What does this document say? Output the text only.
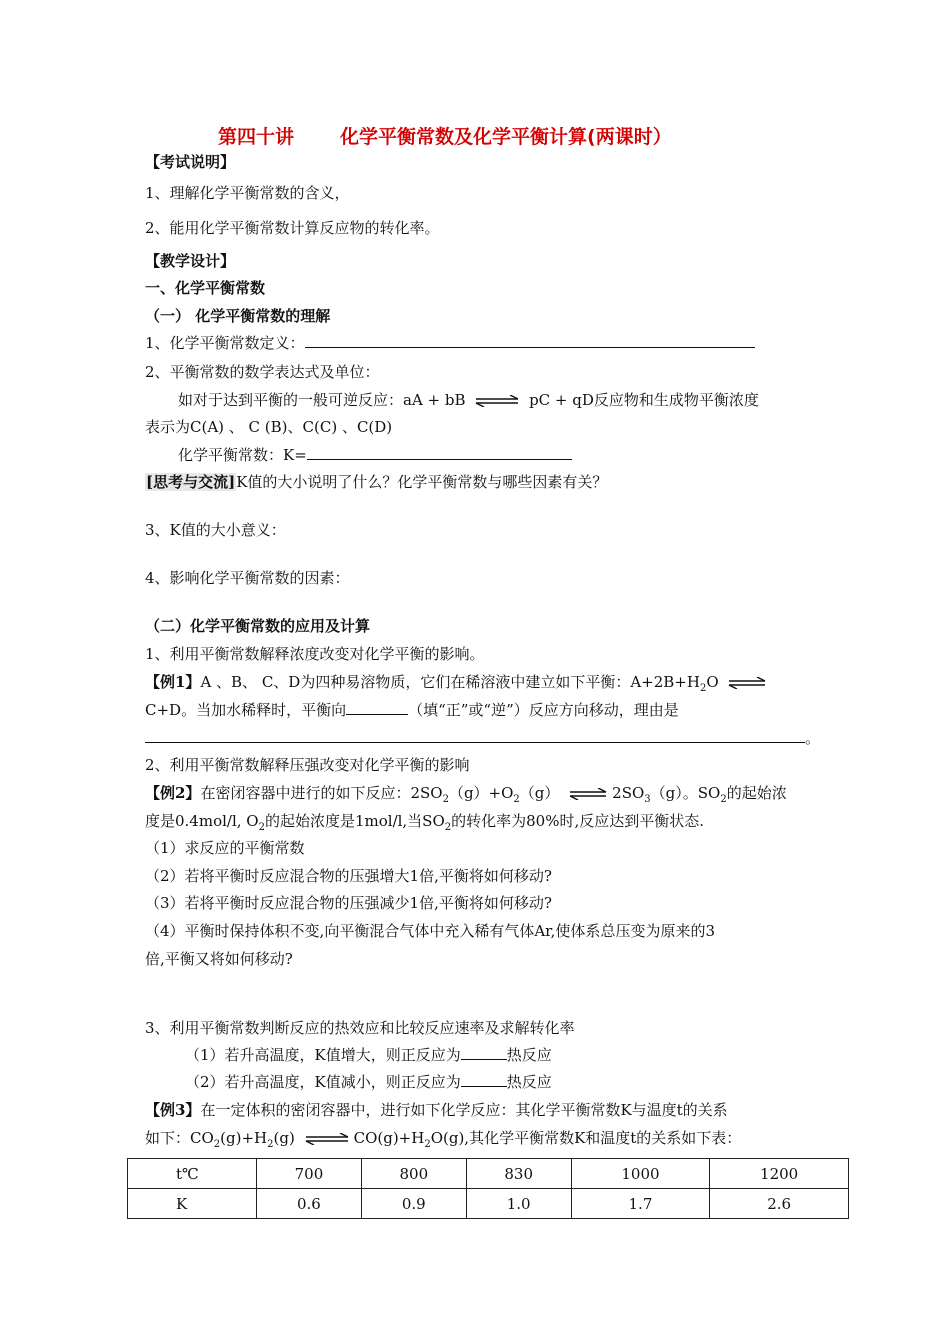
第四十讲 化学平衡常数及化学平衡计算(两课时）
【考试说明】
1、理解化学平衡常数的含义，
2、能用化学平衡常数计算反应物的转化率。
【教学设计】
一、化学平衡常数
（一） 化学平衡常数的理解
1、化学平衡常数定义：
2、平衡常数的数学表达式及单位：
如对于达到平衡的一般可逆反应：aA + bB ⇌ pC + qD反应物和生成物平衡浓度
表示为C(A) 、 C (B)、C(C) 、C(D)
化学平衡常数：K=
[思考与交流]K值的大小说明了什么？化学平衡常数与哪些因素有关？
3、K值的大小意义：
4、影响化学平衡常数的因素：
（二）化学平衡常数的应用及计算
1、利用平衡常数解释浓度改变对化学平衡的影响。
【例1】A 、B、 C、D为四种易溶物质，它们在稀溶液中建立如下平衡：$A+2B+H_2O$ ⇌
C+D。当加水稀释时，平衡向	（填“正”或“逆”）反应方向移动，理由是
。
2、利用平衡常数解释压强改变对化学平衡的影响
【例2】在密闭容器中进行的如下反应：$2SO_2(g)+O_2(g)$ ⇌ $2SO_3(g)$。$SO_2$的起始浓
度是0.4mol/l, $O_2$的起始浓度是1mol/l,当$SO_2$的转化率为80%时,反应达到平衡状态.
（1）求反应的平衡常数
（2）若将平衡时反应混合物的压强增大1倍,平衡将如何移动?
（3）若将平衡时反应混合物的压强减少1倍,平衡将如何移动?
（4）平衡时保持体积不变,向平衡混合气体中充入稀有气体Ar,使体系总压变为原来的3
倍,平衡又将如何移动?
3、利用平衡常数判断反应的热效应和比较反应速率及求解转化率
（1）若升高温度，K值增大，则正反应为	热反应
（2）若升高温度，K值减小，则正反应为	热反应
【例3】在一定体积的密闭容器中，进行如下化学反应：其化学平衡常数K与温度t的关系
如下：$CO_2(g)+H_2(g)$ ⇌ $CO(g)+H_2O(g)$,其化学平衡常数K和温度t的关系如下表：
t℃	700	800	830	1000	1200
K	0.6	0.9	1.0	1.7	2.6
